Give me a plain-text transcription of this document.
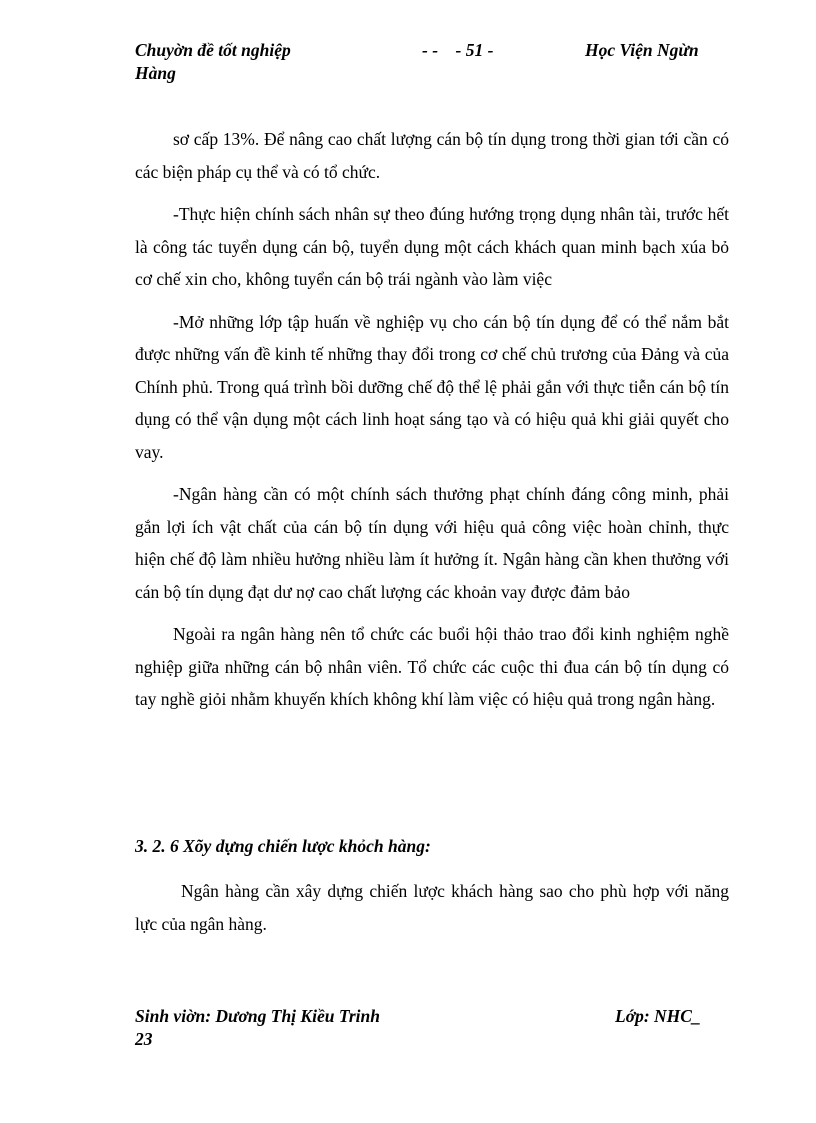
Chuyờn đề tốt nghiệp	- -    - 51 -	Học Viện Ngừn
Hàng

sơ cấp 13%. Để nâng cao chất lượng cán bộ tín dụng trong thời gian tới cần có các biện pháp cụ thể và có tổ chức.

-Thực hiện chính sách nhân sự theo đúng hướng trọng dụng nhân tài, trước hết là công tác tuyển dụng cán bộ, tuyển dụng một cách khách quan minh bạch xúa bỏ cơ chế xin cho, không tuyển cán bộ trái ngành vào làm việc

-Mở những lớp tập huấn về nghiệp vụ cho cán bộ tín dụng để có thể nắm bắt được những vấn đề kinh tế những thay đổi trong cơ chế chủ trương của Đảng và của Chính phủ. Trong quá trình bồi dưỡng chế độ thể lệ phải gắn với thực tiễn cán bộ tín dụng có thể vận dụng một cách linh hoạt sáng tạo và có hiệu quả khi giải quyết cho vay.

-Ngân hàng cần có một chính sách thưởng phạt chính đáng công minh, phải gắn lợi ích vật chất của cán bộ tín dụng với hiệu quả công việc hoàn chỉnh, thực hiện chế độ làm nhiều hưởng nhiều làm ít hưởng ít. Ngân hàng cần khen thưởng với cán bộ tín dụng đạt dư nợ cao chất lượng các khoản vay được đảm bảo

Ngoài ra ngân hàng nên tổ chức các buổi hội thảo trao đổi kinh nghiệm nghề nghiệp giữa những cán bộ nhân viên. Tổ chức các cuộc thi đua cán bộ tín dụng có tay nghề giỏi nhằm khuyến khích không khí làm việc có hiệu quả trong ngân hàng.

3. 2. 6 Xõy dựng chiến lược khỏch hàng:

Ngân hàng cần xây dựng chiến lược khách hàng sao cho phù hợp với năng lực của ngân hàng.

Sinh viờn: Dương Thị Kiều Trinh	Lớp: NHC_
23
